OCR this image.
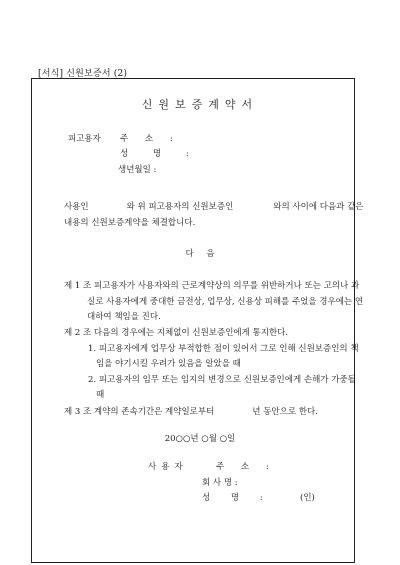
[서식] 신원보증서 (2)
신원보증계약서
피고용자 주 소 :
성 명 :
생년월일 :
사용인	와 위 피고용자의 신원보증인	와의 사이에 다음과 같은
내용의 신원보증계약을 체결합니다.
다 음
제 1 조 피고용자가 사용자와의 근로계약상의 의무를 위반하거나 또는 고의나 과
실로 사용자에게 중대한 금전상, 업무상, 신용상 피해를 주었을 경우에는 연
대하여 책임을 진다.
제 2 조 다음의 경우에는 지체없이 신원보증인에게 통지한다.
1. 피고용자에게 업무상 부적합한 점이 있어서 그로 인해 신원보증인의 책
임을 야기시킬 우려가 있음을 알았을 때
2. 피고용자의 임무 또는 임지의 변경으로 신원보증인에게 손해가 가중될
때
제 3 조 계약의 존속기간은 계약일로부터	년 동안으로 한다.
20○○년 ○월 ○일
사용자	주 소 :
회 사 명 :
성 명 :	(인)
